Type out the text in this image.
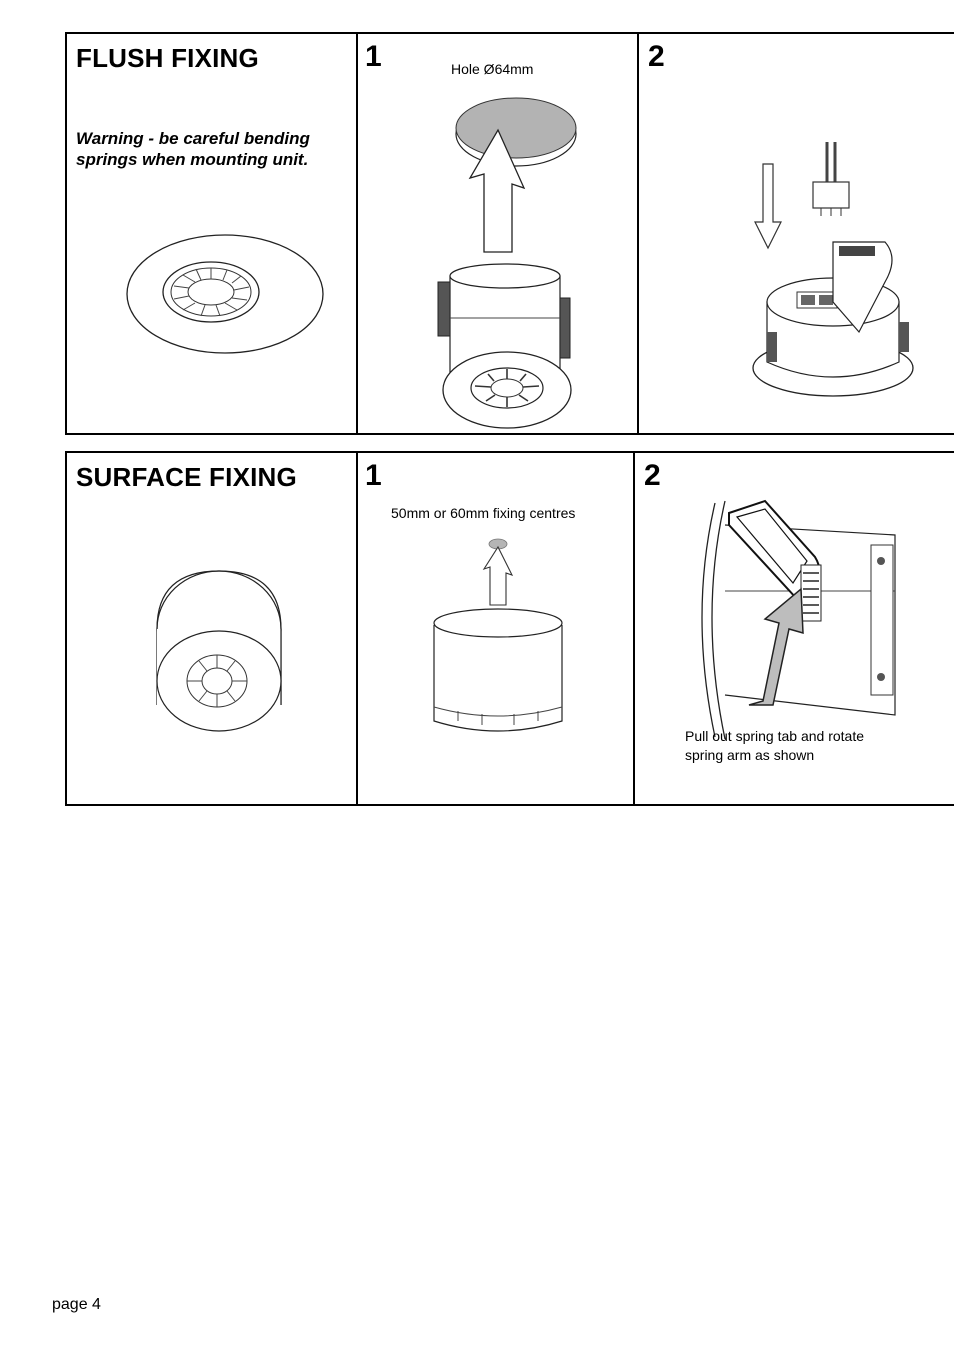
FLUSH FIXING
Warning - be careful bending springs when mounting unit.
1	Hole Ø64mm	2
SURFACE FIXING 1
50mm or 60mm fixing centres
2
Pull out spring tab and rotate spring arm as shown
page 4
